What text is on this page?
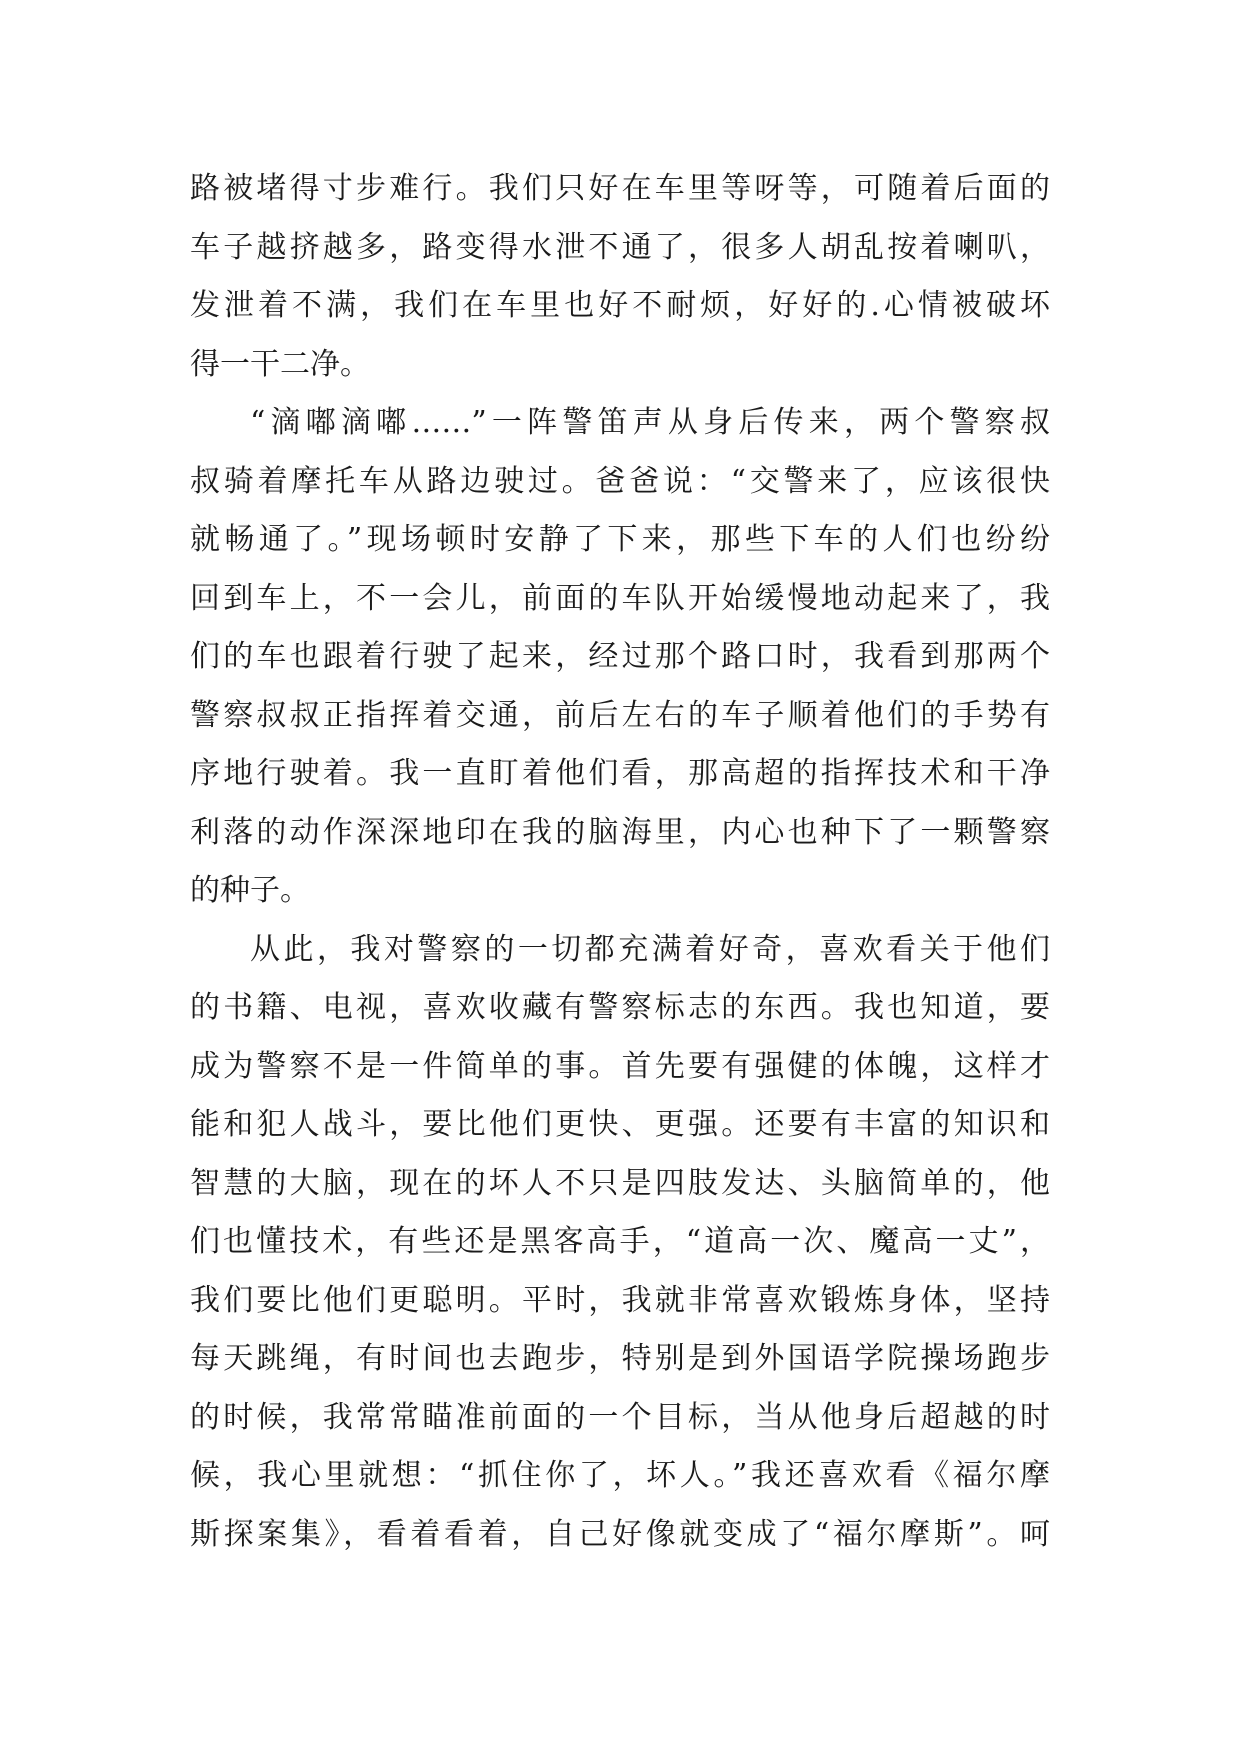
路被堵得寸步难行。我们只好在车里等呀等，可随着后面的
车子越挤越多，路变得水泄不通了，很多人胡乱按着喇叭，
发泄着不满，我们在车里也好不耐烦，好好的.心情被破坏
得一干二净。
“滴嘟滴嘟……”一阵警笛声从身后传来，两个警察叔
叔骑着摩托车从路边驶过。爸爸说：“交警来了，应该很快
就畅通了。”现场顿时安静了下来，那些下车的人们也纷纷
回到车上，不一会儿，前面的车队开始缓慢地动起来了，我
们的车也跟着行驶了起来，经过那个路口时，我看到那两个
警察叔叔正指挥着交通，前后左右的车子顺着他们的手势有
序地行驶着。我一直盯着他们看，那高超的指挥技术和干净
利落的动作深深地印在我的脑海里，内心也种下了一颗警察
的种子。
从此，我对警察的一切都充满着好奇，喜欢看关于他们
的书籍、电视，喜欢收藏有警察标志的东西。我也知道，要
成为警察不是一件简单的事。首先要有强健的体魄，这样才
能和犯人战斗，要比他们更快、更强。还要有丰富的知识和
智慧的大脑，现在的坏人不只是四肢发达、头脑简单的，他
们也懂技术，有些还是黑客高手，“道高一次、魔高一丈”，
我们要比他们更聪明。平时，我就非常喜欢锻炼身体，坚持
每天跳绳，有时间也去跑步，特别是到外国语学院操场跑步
的时候，我常常瞄准前面的一个目标，当从他身后超越的时
候，我心里就想：“抓住你了，坏人。”我还喜欢看《福尔摩
斯探案集》，看着看着，自己好像就变成了“福尔摩斯”。呵
